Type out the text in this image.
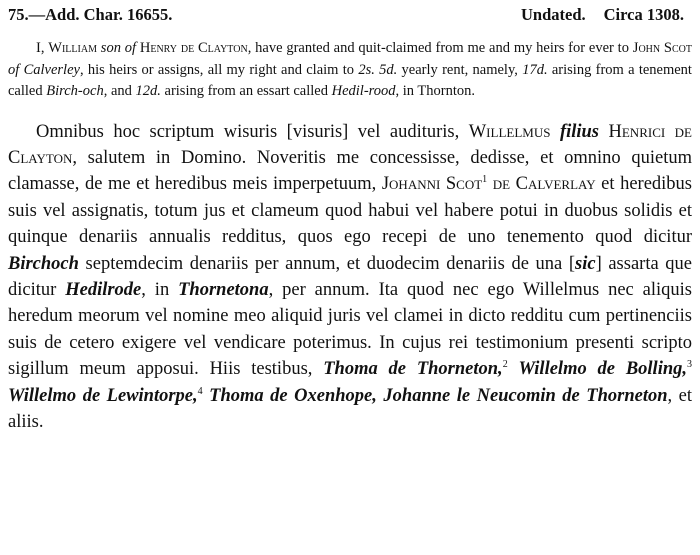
75.—Add. Char. 16655.	Undated. Circa 1308.

I, William son of Henry de Clayton, have granted and quit-claimed from me and my heirs for ever to John Scot of Calverley, his heirs or assigns, all my right and claim to 2s. 5d. yearly rent, namely, 17d. arising from a tenement called Birch-och, and 12d. arising from an essart called Hedil-rood, in Thornton.

Omnibus hoc scriptum wisuris [visuris] vel audituris, Willelmus filius Henrici de Clayton, salutem in Domino. Noveritis me concessisse, dedisse, et omnino quietum clamasse, de me et heredibus meis imperpetuum, Johanni Scot$^1$ de Calverlay et heredibus suis vel assignatis, totum jus et clameum quod habui vel habere potui in duobus solidis et quinque denariis annualis redditus, quos ego recepi de uno tenemento quod dicitur Birchoch septemdecim denariis per annum, et duodecim denariis de una [sic] assarta que dicitur Hedilrode, in Thornetona, per annum. Ita quod nec ego Willelmus nec aliquis heredum meorum vel nomine meo aliquid juris vel clamei in dicto redditu cum pertinenciis suis de cetero exigere vel vendicare poterimus. In cujus rei testimonium presenti scripto sigillum meum apposui. Hiis testibus, Thoma de Thorneton,$^2$ Willelmo de Bolling,$^3$ Willelmo de Lewintorpe,$^4$ Thoma de Oxenhope, Johanne le Neucomin de Thorneton, et aliis.
